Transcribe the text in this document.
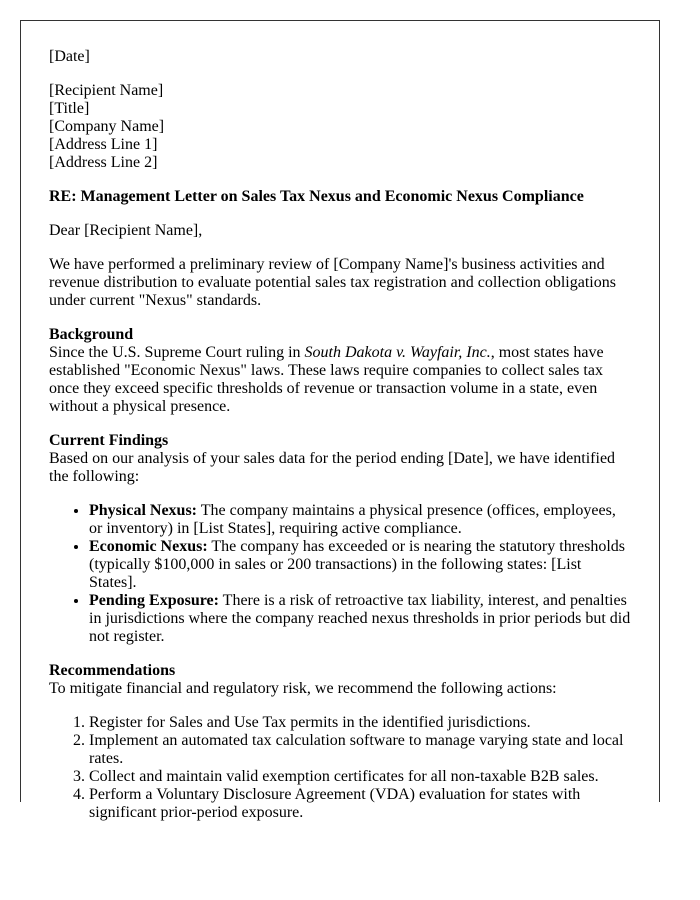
[Date]

[Recipient Name]
[Title]
[Company Name]
[Address Line 1]
[Address Line 2]

RE: Management Letter on Sales Tax Nexus and Economic Nexus Compliance

Dear [Recipient Name],

We have performed a preliminary review of [Company Name]'s business activities and revenue distribution to evaluate potential sales tax registration and collection obligations under current "Nexus" standards.

Background
Since the U.S. Supreme Court ruling in South Dakota v. Wayfair, Inc., most states have established "Economic Nexus" laws. These laws require companies to collect sales tax once they exceed specific thresholds of revenue or transaction volume in a state, even without a physical presence.

Current Findings
Based on our analysis of your sales data for the period ending [Date], we have identified the following:

• Physical Nexus: The company maintains a physical presence (offices, employees, or inventory) in [List States], requiring active compliance.
• Economic Nexus: The company has exceeded or is nearing the statutory thresholds (typically $100,000 in sales or 200 transactions) in the following states: [List States].
• Pending Exposure: There is a risk of retroactive tax liability, interest, and penalties in jurisdictions where the company reached nexus thresholds in prior periods but did not register.

Recommendations
To mitigate financial and regulatory risk, we recommend the following actions:

1. Register for Sales and Use Tax permits in the identified jurisdictions.
2. Implement an automated tax calculation software to manage varying state and local rates.
3. Collect and maintain valid exemption certificates for all non-taxable B2B sales.
4. Perform a Voluntary Disclosure Agreement (VDA) evaluation for states with significant prior-period exposure.
